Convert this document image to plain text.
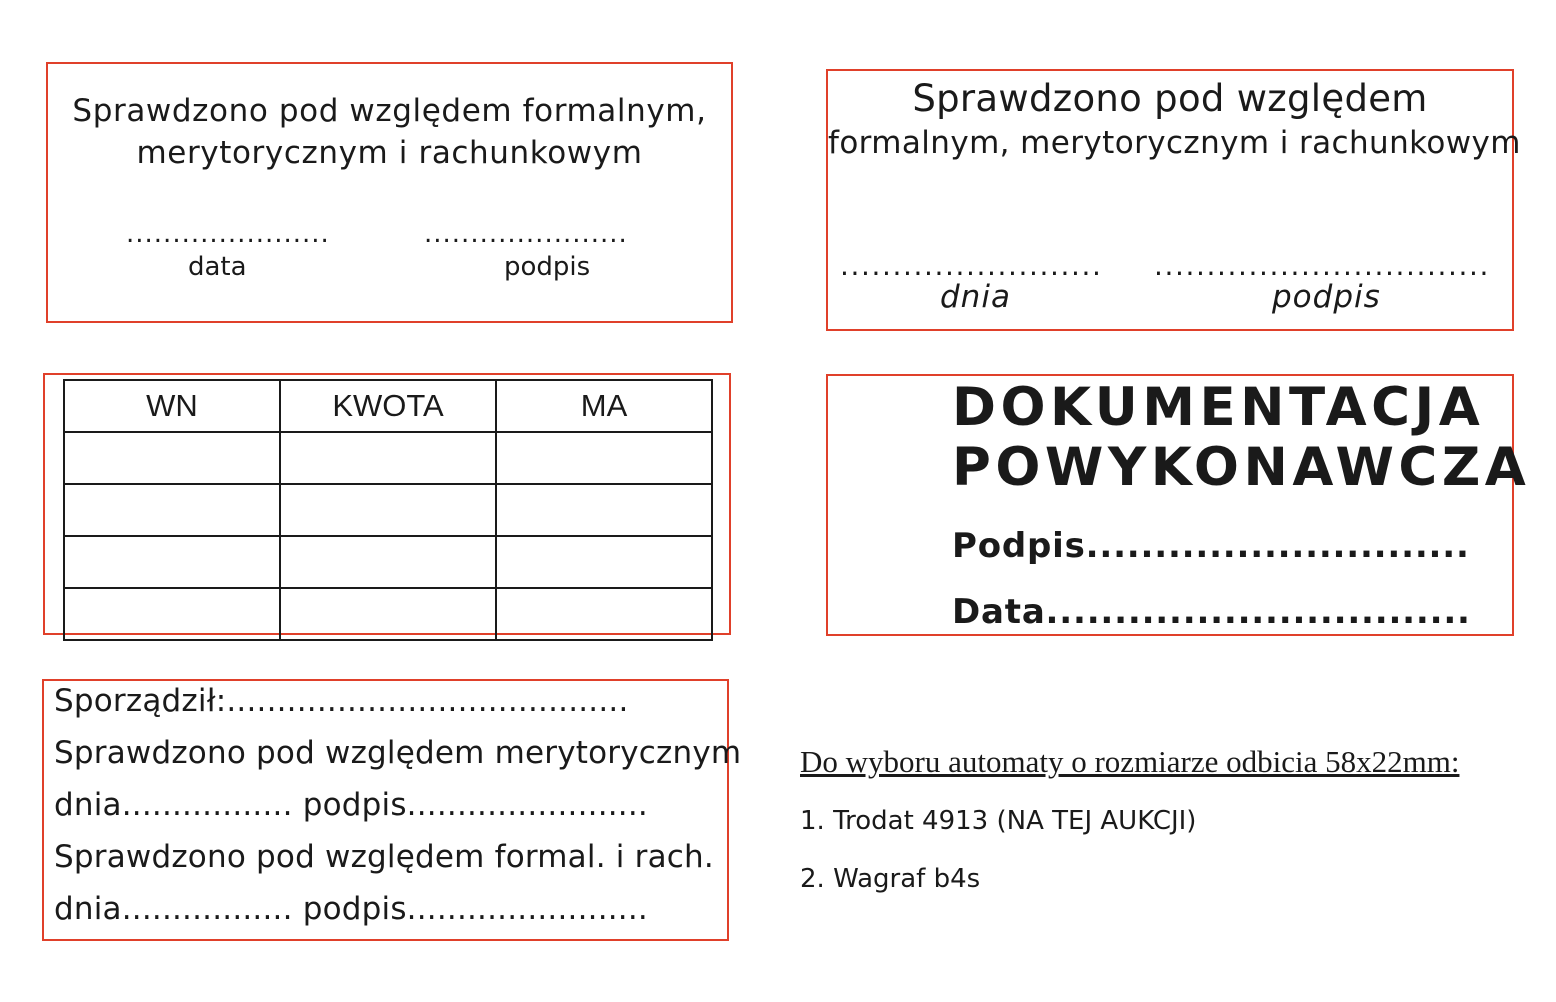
Sprawdzono pod względem formalnym,
merytorycznym i rachunkowym
......................	......................
data	podpis
Sprawdzono pod względem
formalnym, merytorycznym i rachunkowym
......................... ................................
dnia	podpis
WN	KWOTA	MA

			DOKUMENTACJA
POWYKONAWCZA
Podpis............................
Data...............................
Sporządził:........................................
Sprawdzono pod względem merytorycznym
dnia................. podpis........................
Sprawdzono pod względem formal. i rach.
dnia................. podpis........................
Do wyboru automaty o rozmiarze odbicia 58x22mm:
1. Trodat 4913 (NA TEJ AUKCJI)
2. Wagraf b4s
